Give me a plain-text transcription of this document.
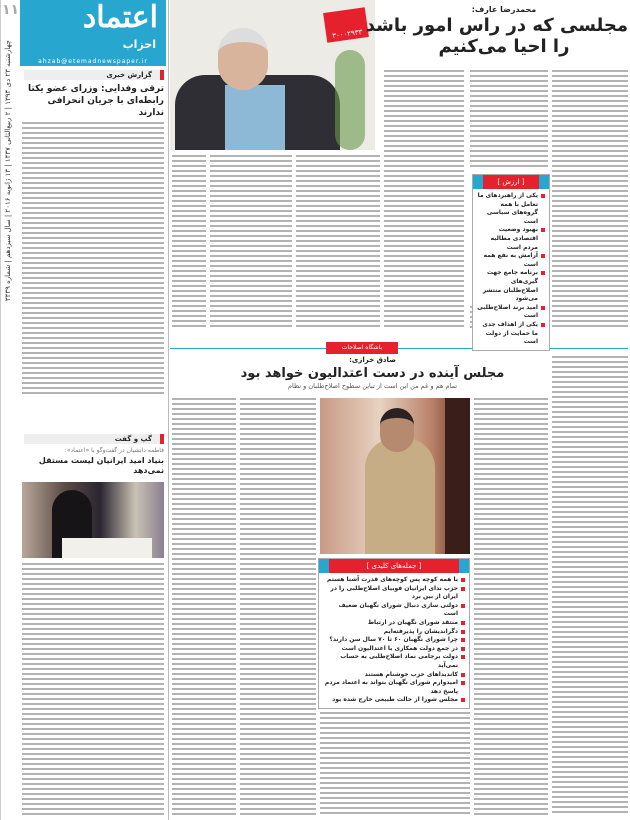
۱۱
چهارشنبه ۲۳ دی ۱۳۹۴ | ۲ ربیع‌الثانی ۱۴۳۷ | ۱۳ ژانویه ۲۰۱۶ | سال سیزدهم | شماره ۳۴۳۹
اعتماد
احزاب
ahzab@etemadnewspaper.ir
گزارش خبری
ترقی وفدایی: وزرای عضو یکتا رابطه‌ای با جریان انحرافی ندارند
گپ و گفت
فاطمه دانشیان در گفت‌وگو با «اعتماد»:
بنیاد امید ایرانیان لیست مستقل نمی‌دهد
۳۰۰۰۲۹۳۳
محمدرضا عارف:
مجلسی که در راس امور باشد
را احیا می‌کنیم
[ ارزش ]
یکی از راهبردهای ما تعامل با همه گروه‌های سیاسی است
بهبود وضعیت اقتصادی مطالبه مردم است
آرامش به نفع همه است
برنامه جامع جهت گیری‌های اصلاح‌طلبان منتشر می‌شود
امید برند اصلاح‌طلبی است
یکی از اهداف جدی ما حمایت از دولت است
باشگاه اصلاحات
صادق خرازی:
مجلس آینده در دست اعتدالیون خواهد بود
تمام هم و غم من این است از تباین سطوح اصلاح‌طلبان و نظام
[ جمله‌های کلیدی ]
با همه کوچه پس کوچه‌های قدرت آشنا هستم
حزب ندای ایرانیان فوبیای اصلاح‌طلبی را در ایران از بین برد
دولتی سازی دنبال شورای نگهبان ضعیف است
منتقد شورای نگهبان در ارتباط
دگراندیشان را پذیرفته‌ایم
چرا شورای نگهبان ۶۰ تا ۷۰ سال سن دارند؟
در جمع دولت همکاری با اعتدالیون است
دولت برجامی نماد اصلاح‌طلبی به حساب نمی‌آید
کاندیداهای حزب خوشنام هستند
امیدوارم شورای نگهبان بتواند به اعتماد مردم پاسخ دهد
مجلس شورا از حالت طبیعی خارج شده بود
